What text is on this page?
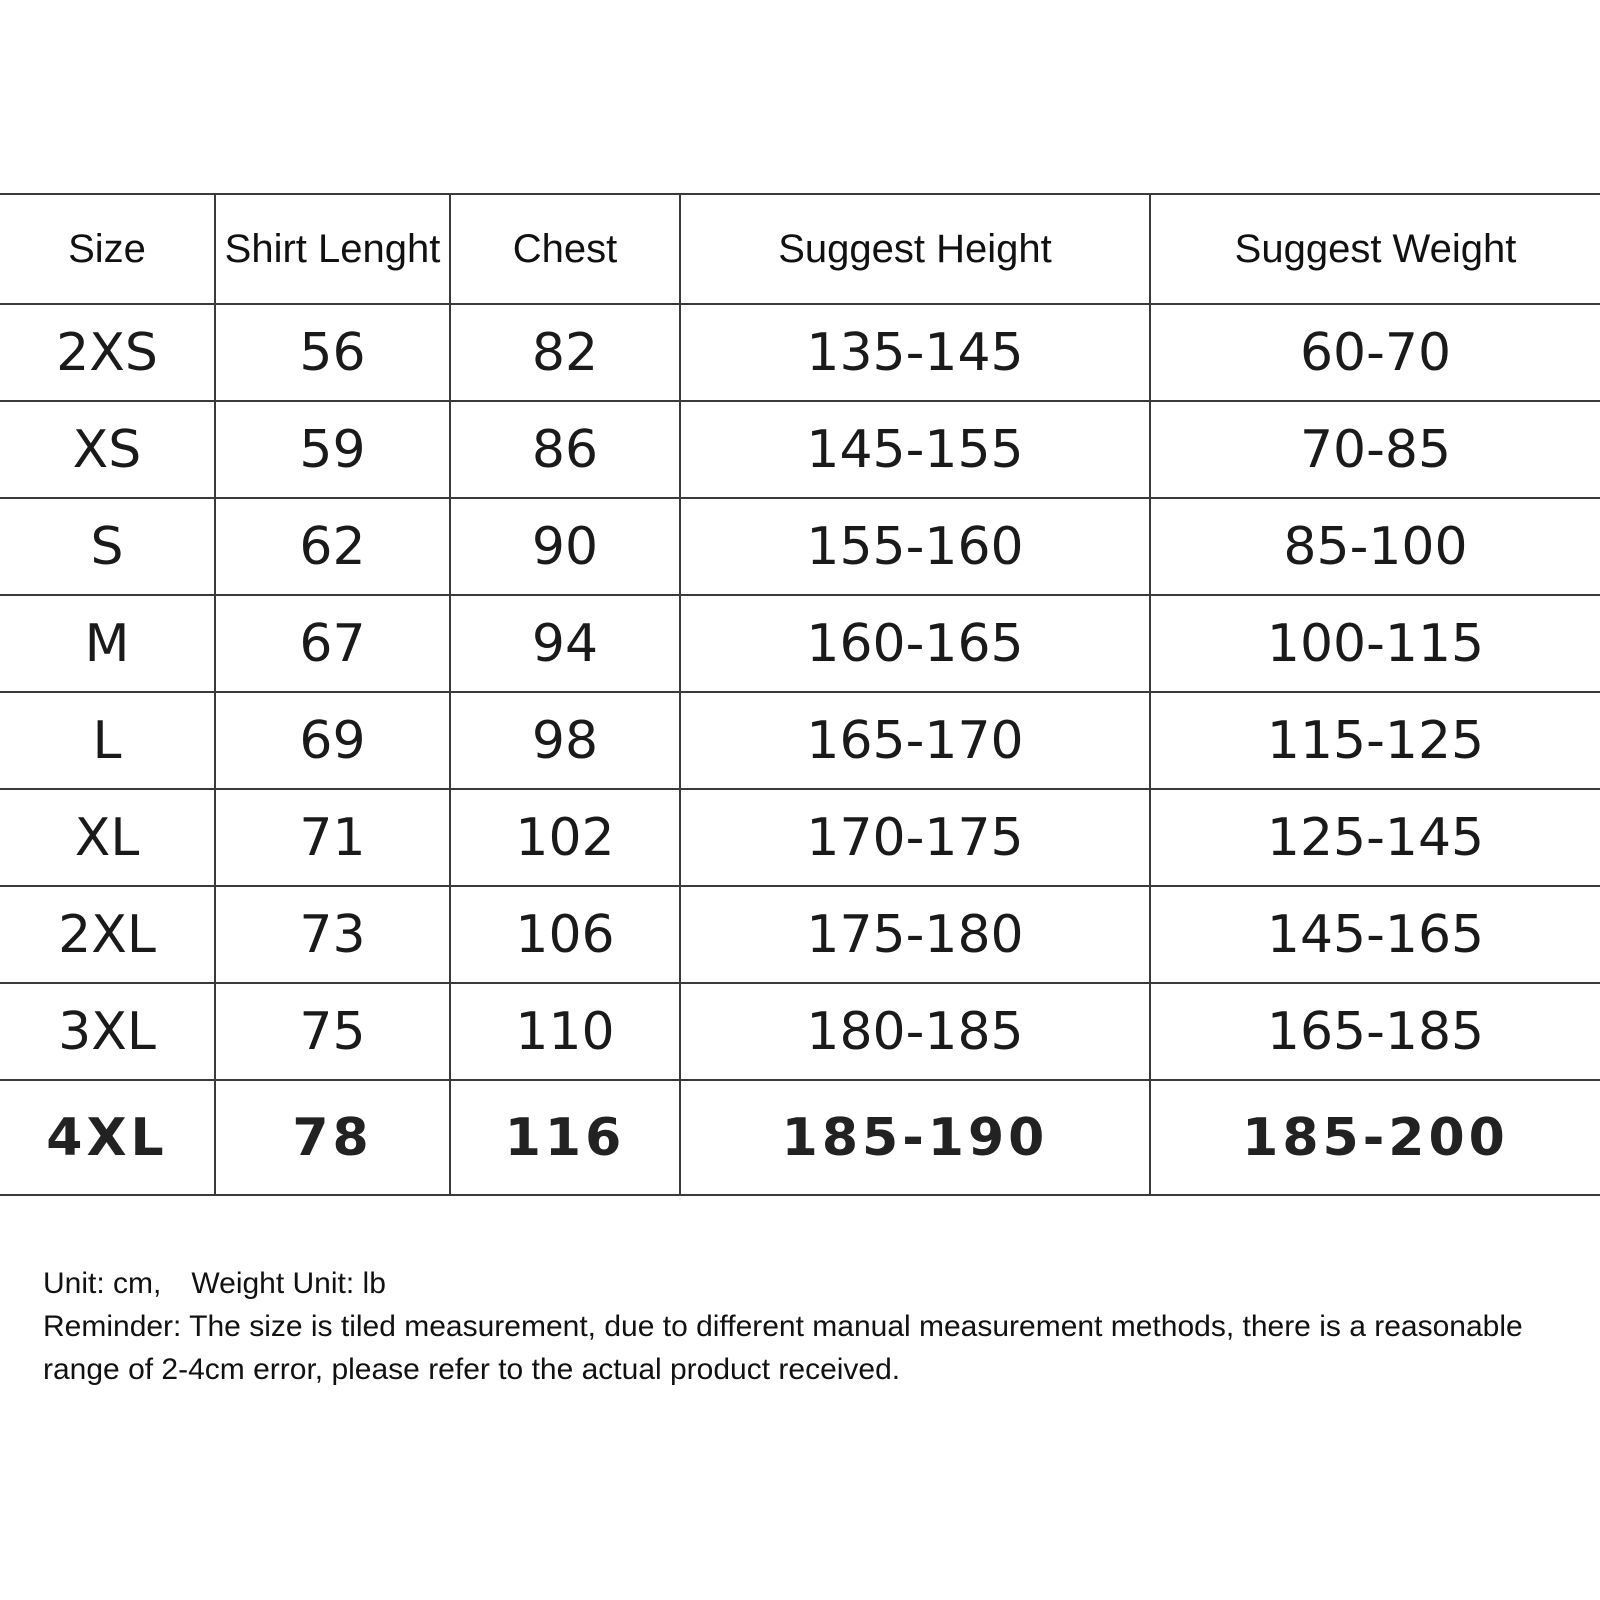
Size	Shirt Lenght	Chest	Suggest Height	Suggest Weight
2XS	56	82	135-145	60-70
XS	59	86	145-155	70-85
S	62	90	155-160	85-100
M	67	94	160-165	100-115
L	69	98	165-170	115-125
XL	71	102	170-175	125-145
2XL	73	106	175-180	145-165
3XL	75	110	180-185	165-185
4XL	78	116	185-190	185-200
Unit: cm, Weight Unit: lb
Reminder: The size is tiled measurement, due to different manual measurement methods, there is a reasonable range of 2-4cm error, please refer to the actual product received.
